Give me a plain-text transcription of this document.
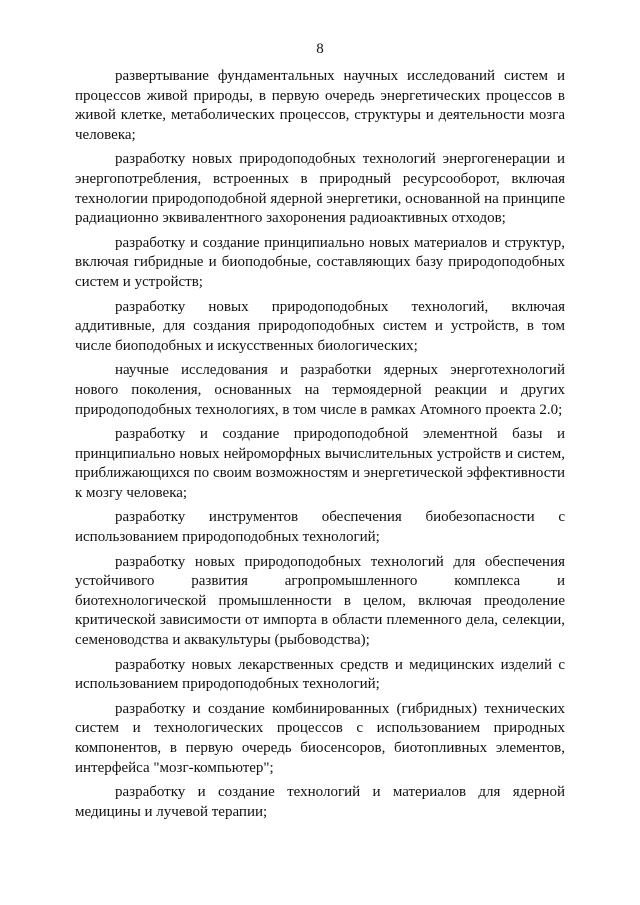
8

развертывание фундаментальных научных исследований систем и процессов живой природы, в первую очередь энергетических процессов в живой клетке, метаболических процессов, структуры и деятельности мозга человека;

разработку новых природоподобных технологий энергогенерации и энергопотребления, встроенных в природный ресурсооборот, включая технологии природоподобной ядерной энергетики, основанной на принципе радиационно эквивалентного захоронения радиоактивных отходов;

разработку и создание принципиально новых материалов и структур, включая гибридные и биоподобные, составляющих базу природоподобных систем и устройств;

разработку новых природоподобных технологий, включая аддитивные, для создания природоподобных систем и устройств, в том числе биоподобных и искусственных биологических;

научные исследования и разработки ядерных энерготехнологий нового поколения, основанных на термоядерной реакции и других природоподобных технологиях, в том числе в рамках Атомного проекта 2.0;

разработку и создание природоподобной элементной базы и принципиально новых нейроморфных вычислительных устройств и систем, приближающихся по своим возможностям и энергетической эффективности к мозгу человека;

разработку инструментов обеспечения биобезопасности с использованием природоподобных технологий;

разработку новых природоподобных технологий для обеспечения устойчивого развития агропромышленного комплекса и биотехнологической промышленности в целом, включая преодоление критической зависимости от импорта в области племенного дела, селекции, семеноводства и аквакультуры (рыбоводства);

разработку новых лекарственных средств и медицинских изделий с использованием природоподобных технологий;

разработку и создание комбинированных (гибридных) технических систем и технологических процессов с использованием природных компонентов, в первую очередь биосенсоров, биотопливных элементов, интерфейса "мозг-компьютер";

разработку и создание технологий и материалов для ядерной медицины и лучевой терапии;
